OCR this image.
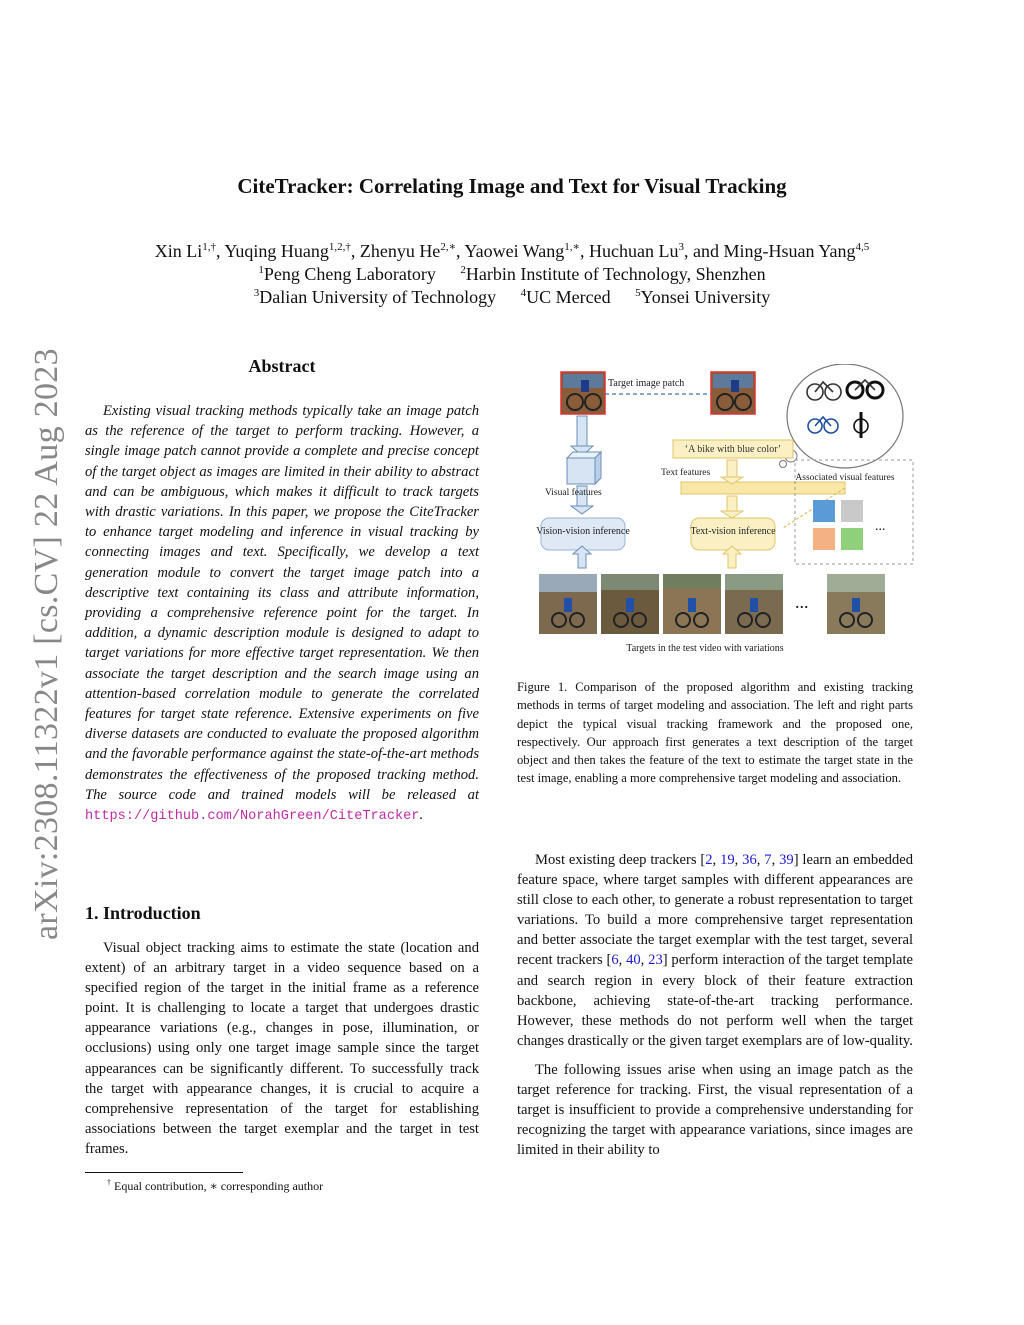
arXiv:2308.11322v1 [cs.CV] 22 Aug 2023
CiteTracker: Correlating Image and Text for Visual Tracking
Xin $Li^{1,\dagger}$, Yuqing Huang$^{1,2,\dagger}$, Zhenyu $He^{2,∗}$, Yaowei Wang$^{1,∗}$, Huchuan Lu$^3$, and Ming-Hsuan Yang$^{4,5}$
$^1$Peng Cheng Laboratory $^2$Harbin Institute of Technology, Shenzhen
$^3$Dalian University of Technology $^4$UC Merced $^5$Yonsei University
Abstract

Existing visual tracking methods typically take an image patch as the reference of the target to perform tracking. However, a single image patch cannot provide a complete and precise concept of the target object as images are limited in their ability to abstract and can be ambiguous, which makes it difficult to track targets with drastic variations. In this paper, we propose the CiteTracker to enhance target modeling and inference in visual tracking by connecting images and text. Specifically, we develop a text generation module to convert the target image patch into a descriptive text containing its class and attribute information, providing a comprehensive reference point for the target. In addition, a dynamic description module is designed to adapt to target variations for more effective target representation. We then associate the target description and the search image using an attention-based correlation module to generate the correlated features for target state reference. Extensive experiments on five diverse datasets are conducted to evaluate the proposed algorithm and the favorable performance against the state-of-the-art methods demonstrates the effectiveness of the proposed tracking method. The source code and trained models will be released at https://github.com/NorahGreen/CiteTracker.

1. Introduction

Visual object tracking aims to estimate the state (location and extent) of an arbitrary target in a video sequence based on a specified region of the target in the initial frame as a reference point. It is challenging to locate a target that undergoes drastic appearance variations (e.g., changes in pose, illumination, or occlusions) using only one target image sample since the target appearances can be significantly different. To successfully track the target with appearance changes, it is crucial to acquire a comprehensive representation of the target for establishing associations between the target exemplar and the target in test frames.

† Equal contribution, ∗ corresponding author
Target image patch
Visual features
Vision-vision inference
‘A bike with blue color’
Text features	Associated visual features
...
Text-vision inference
...
Targets in the test video with variations

Figure 1. Comparison of the proposed algorithm and existing tracking methods in terms of target modeling and association. The left and right parts depict the typical visual tracking framework and the proposed one, respectively. Our approach first generates a text description of the target object and then takes the feature of the text to estimate the target state in the test image, enabling a more comprehensive target modeling and association.

Most existing deep trackers [2, 19, 36, 7, 39] learn an embedded feature space, where target samples with different appearances are still close to each other, to generate a robust representation to target variations. To build a more comprehensive target representation and better associate the target exemplar with the test target, several recent trackers [6, 40, 23] perform interaction of the target template and search region in every block of their feature extraction backbone, achieving state-of-the-art tracking performance. However, these methods do not perform well when the target changes drastically or the given target exemplars are of low-quality.

The following issues arise when using an image patch as the target reference for tracking. First, the visual representation of a target is insufficient to provide a comprehensive understanding for recognizing the target with appearance variations, since images are limited in their ability to
